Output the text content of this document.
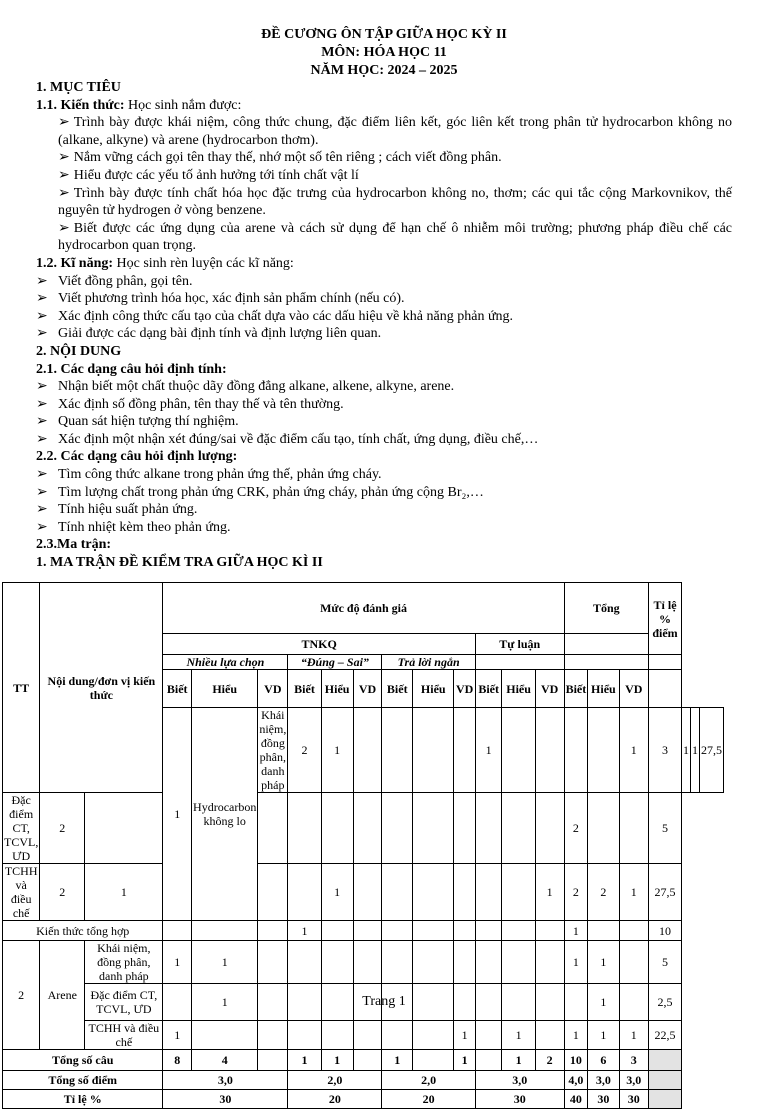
ĐỀ CƯƠNG ÔN TẬP GIỮA HỌC KỲ II
MÔN: HÓA HỌC 11
NĂM HỌC: 2024 – 2025
1. MỤC TIÊU
1.1. Kiến thức: Học sinh nắm được:
➢ Trình bày được khái niệm, công thức chung, đặc điểm liên kết, góc liên kết trong phân tử hydrocarbon không no (alkane, alkyne) và arene (hydrocarbon thơm).
➢ Nắm vững cách gọi tên thay thế, nhớ một số tên riêng ; cách viết đồng phân.
➢ Hiểu được các yếu tố ảnh hưởng tới tính chất vật lí
➢ Trình bày được tính chất hóa học đặc trưng của hydrocarbon không no, thơm; các qui tắc cộng Markovnikov, thế nguyên tử hydrogen ở vòng benzene.
➢ Biết được các ứng dụng của arene và cách sử dụng để hạn chế ô nhiễm môi trường; phương pháp điều chế các hydrocarbon quan trọng.
1.2. Kĩ năng: Học sinh rèn luyện các kĩ năng:
➢ Viết đồng phân, gọi tên.
➢ Viết phương trình hóa học, xác định sản phẩm chính (nếu có).
➢ Xác định công thức cấu tạo của chất dựa vào các dấu hiệu về khả năng phản ứng.
➢ Giải được các dạng bài định tính và định lượng liên quan.
2. NỘI DUNG
2.1. Các dạng câu hỏi định tính:
➢ Nhận biết một chất thuộc dãy đồng đẳng alkane, alkene, alkyne, arene.
➢ Xác định số đồng phân, tên thay thế và tên thường.
➢ Quan sát hiện tượng thí nghiệm.
➢ Xác định một nhận xét đúng/sai về đặc điểm cấu tạo, tính chất, ứng dụng, điều chế,…
2.2. Các dạng câu hỏi định lượng:
➢ Tìm công thức alkane trong phản ứng thế, phản ứng cháy.
➢ Tìm lượng chất trong phản ứng CRK, phản ứng cháy, phản ứng cộng Br₂,…
➢ Tính hiệu suất phản ứng.
➢ Tính nhiệt kèm theo phản ứng.
2.3.Ma trận:
1. MA TRẬN ĐỀ KIỂM TRA GIỮA HỌC KÌ II
TT	Nội dung/đơn vị kiến thức		Mức độ đánh giá												Tổng			Tỉ lệ % điểm			
			TNKQ									Tự luận									
			Nhiều lựa chọn			“Đúng – Sai”			Trả lời ngắn												
			Biết	Hiểu	VD	Biết	Hiểu	VD	Biết	Hiểu	VD	Biết	Hiểu	VD	Biết	Hiểu	VD				
			1	Hydrocarbon không lo	Khái niệm, đồng phân, danh pháp	2	1					1					1	3	1	1	27,5
Đặc điểm CT, TCVL, ƯD	2														2			5			
TCHH và điều chế	2	1					1							1	2	2	1	27,5			
Kiến thức tổng hợp						1									1			10			
2	Arene	Khái niệm, đồng phân, danh pháp	1	1											1	1		5			
		Đặc điểm CT, TCVL, ƯD		1												1		2,5			
		TCHH và điều chế	1								1		1		1	1	1	22,5			
Tổng số câu			8	4		1	1		1		1		1	2	10	6	3				
Tổng số điểm			3,0			2,0			2,0			3,0			4,0	3,0	3,0				
Tỉ lệ %			30			20			20			30			40	30	30				
Trang 1
